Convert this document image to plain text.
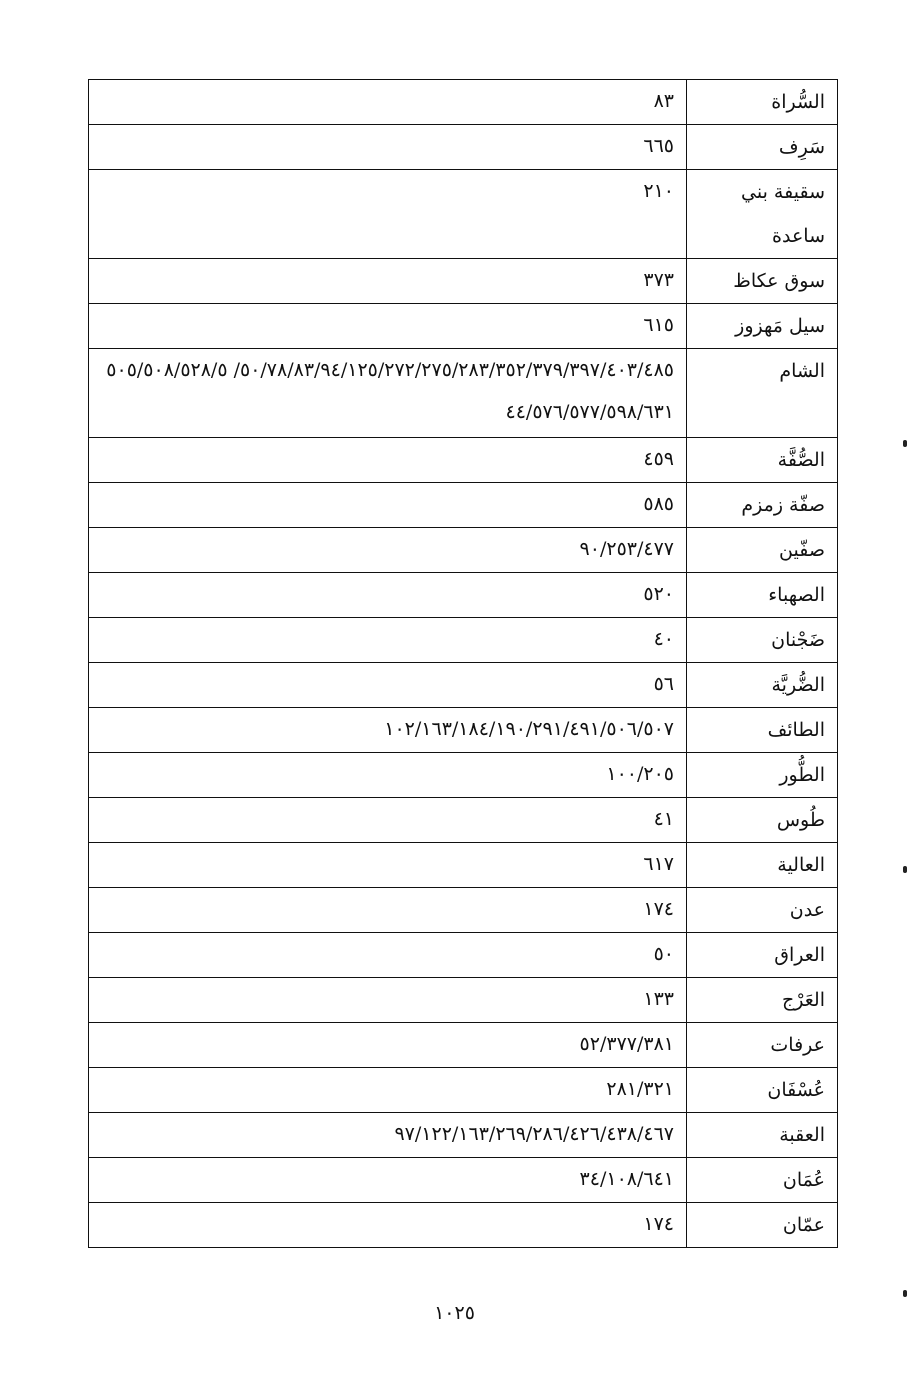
السُّراة	٨٣
سَرِف	٦٦٥
سقيفة بني ساعدة	٢١٠
سوق عكاظ	٣٧٣
سيل مَهزوز	٦١٥
الشام	٥٠/٧٨/٨٣/٩٤/١٢٥/٢٧٢/٢٧٥/٢٨٣/٣٥٢/٣٧٩/٣٩٧/٤٠٣/٤٨٥/ ٥٠٥/٥٠٨/٥٢٨/٥٤٤/٥٧٦/٥٧٧/٥٩٨/٦٣١
الصُّفَّة	٤٥٩
صفّة زمزم	٥٨٥
صفّين	٩٠/٢٥٣/٤٧٧
الصهباء	٥٢٠
ضَجْنان	٤٠
الضُّريَّة	٥٦
الطائف	١٠٢/١٦٣/١٨٤/١٩٠/٢٩١/٤٩١/٥٠٦/٥٠٧
الطُّور	١٠٠/٢٠٥
طُوس	٤١
العالية	٦١٧
عدن	١٧٤
العراق	٥٠
العَرْج	١٣٣
عرفات	٥٢/٣٧٧/٣٨١
عُسْفَان	٢٨١/٣٢١
العقبة	٩٧/١٢٢/١٦٣/٢٦٩/٢٨٦/٤٢٦/٤٣٨/٤٦٧
عُمَان	٣٤/١٠٨/٦٤١
عمّان	١٧٤
١٠٢٥
